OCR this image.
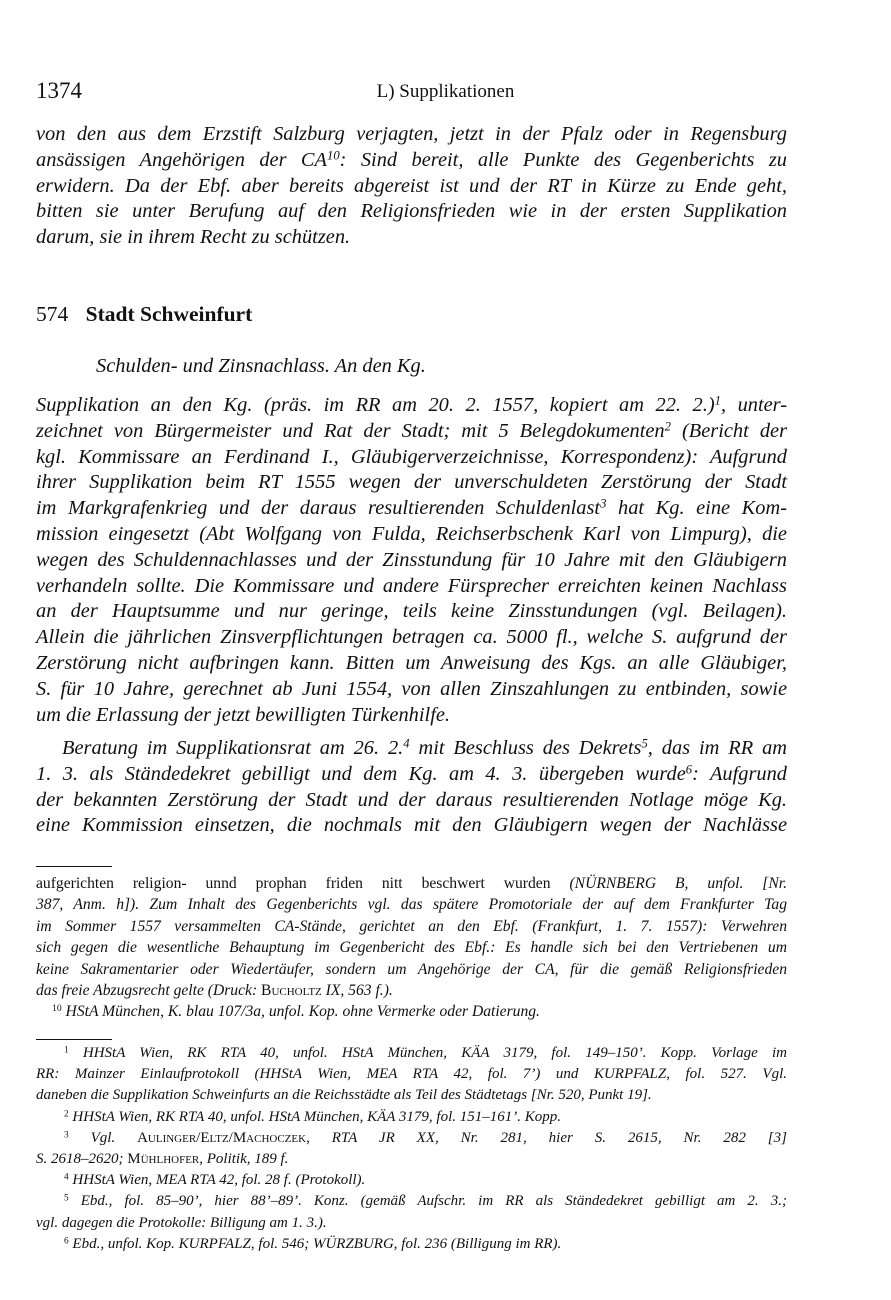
1374	L) Supplikationen
von den aus dem Erzstift Salzburg verjagten, jetzt in der Pfalz oder in Regensburg
ansässigen Angehörigen der CA$^{10}$: Sind bereit, alle Punkte des Gegenberichts zu
erwidern. Da der Ebf. aber bereits abgereist ist und der RT in Kürze zu Ende geht,
bitten sie unter Berufung auf den Religionsfrieden wie in der ersten Supplikation
darum, sie in ihrem Recht zu schützen.
574 Stadt Schweinfurt
Schulden- und Zinsnachlass. An den Kg.
Supplikation an den Kg. (präs. im RR am 20. 2. 1557, kopiert am 22. 2.)$^1$, unter-
zeichnet von Bürgermeister und Rat der Stadt; mit 5 Belegdokumenten$^2$ (Bericht der
kgl. Kommissare an Ferdinand I., Gläubigerverzeichnisse, Korrespondenz): Aufgrund
ihrer Supplikation beim RT 1555 wegen der unverschuldeten Zerstörung der Stadt
im Markgrafenkrieg und der daraus resultierenden Schuldenlast$^3$ hat Kg. eine Kom-
mission eingesetzt (Abt Wolfgang von Fulda, Reichserbschenk Karl von Limpurg), die
wegen des Schuldennachlasses und der Zinsstundung für 10 Jahre mit den Gläubigern
verhandeln sollte. Die Kommissare und andere Fürsprecher erreichten keinen Nachlass
an der Hauptsumme und nur geringe, teils keine Zinsstundungen (vgl. Beilagen).
Allein die jährlichen Zinsverpflichtungen betragen ca. 5000 fl., welche S. aufgrund der
Zerstörung nicht aufbringen kann. Bitten um Anweisung des Kgs. an alle Gläubiger,
S. für 10 Jahre, gerechnet ab Juni 1554, von allen Zinszahlungen zu entbinden, sowie
um die Erlassung der jetzt bewilligten Türkenhilfe.
Beratung im Supplikationsrat am 26. 2.$^4$ mit Beschluss des Dekrets$^5$, das im RR am
1. 3. als Ständedekret gebilligt und dem Kg. am 4. 3. übergeben wurde$^6$: Aufgrund
der bekannten Zerstörung der Stadt und der daraus resultierenden Notlage möge Kg.
eine Kommission einsetzen, die nochmals mit den Gläubigern wegen der Nachlässe
aufgerichten religion- unnd prophan friden nitt beschwert wurden (NÜRNBERG B, unfol. [Nr.
387, Anm. h]). Zum Inhalt des Gegenberichts vgl. das spätere Promotoriale der auf dem Frankfurter Tag
im Sommer 1557 versammelten CA-Stände, gerichtet an den Ebf. (Frankfurt, 1. 7. 1557): Verwehren
sich gegen die wesentliche Behauptung im Gegenbericht des Ebf.: Es handle sich bei den Vertriebenen um
keine Sakramentarier oder Wiedertäufer, sondern um Angehörige der CA, für die gemäß Religionsfrieden
das freie Abzugsrecht gelte (Druck: Bucholtz IX, 563 f.).
$^{10}$ HStA München, K. blau 107/3a, unfol. Kop. ohne Vermerke oder Datierung.
$^1$ HHStA Wien, RK RTA 40, unfol. HStA München, KÄA 3179, fol. 149–150’. Kopp. Vorlage im
RR: Mainzer Einlaufprotokoll (HHStA Wien, MEA RTA 42, fol. 7’) und KURPFALZ, fol. 527. Vgl.
daneben die Supplikation Schweinfurts an die Reichsstädte als Teil des Städtetags [Nr. 520, Punkt 19].
$^2$ HHStA Wien, RK RTA 40, unfol. HStA München, KÄA 3179, fol. 151–161’. Kopp.
$^3$ Vgl. Aulinger/Eltz/Machoczek, RTA JR XX, Nr. 281, hier S. 2615, Nr. 282 [3]
S. 2618–2620; Mühlhofer, Politik, 189 f.
$^4$ HHStA Wien, MEA RTA 42, fol. 28 f. (Protokoll).
$^5$ Ebd., fol. 85–90’, hier 88’–89’. Konz. (gemäß Aufschr. im RR als Ständedekret gebilligt am 2. 3.;
vgl. dagegen die Protokolle: Billigung am 1. 3.).
$^6$ Ebd., unfol. Kop. KURPFALZ, fol. 546; WÜRZBURG, fol. 236 (Billigung im RR).
